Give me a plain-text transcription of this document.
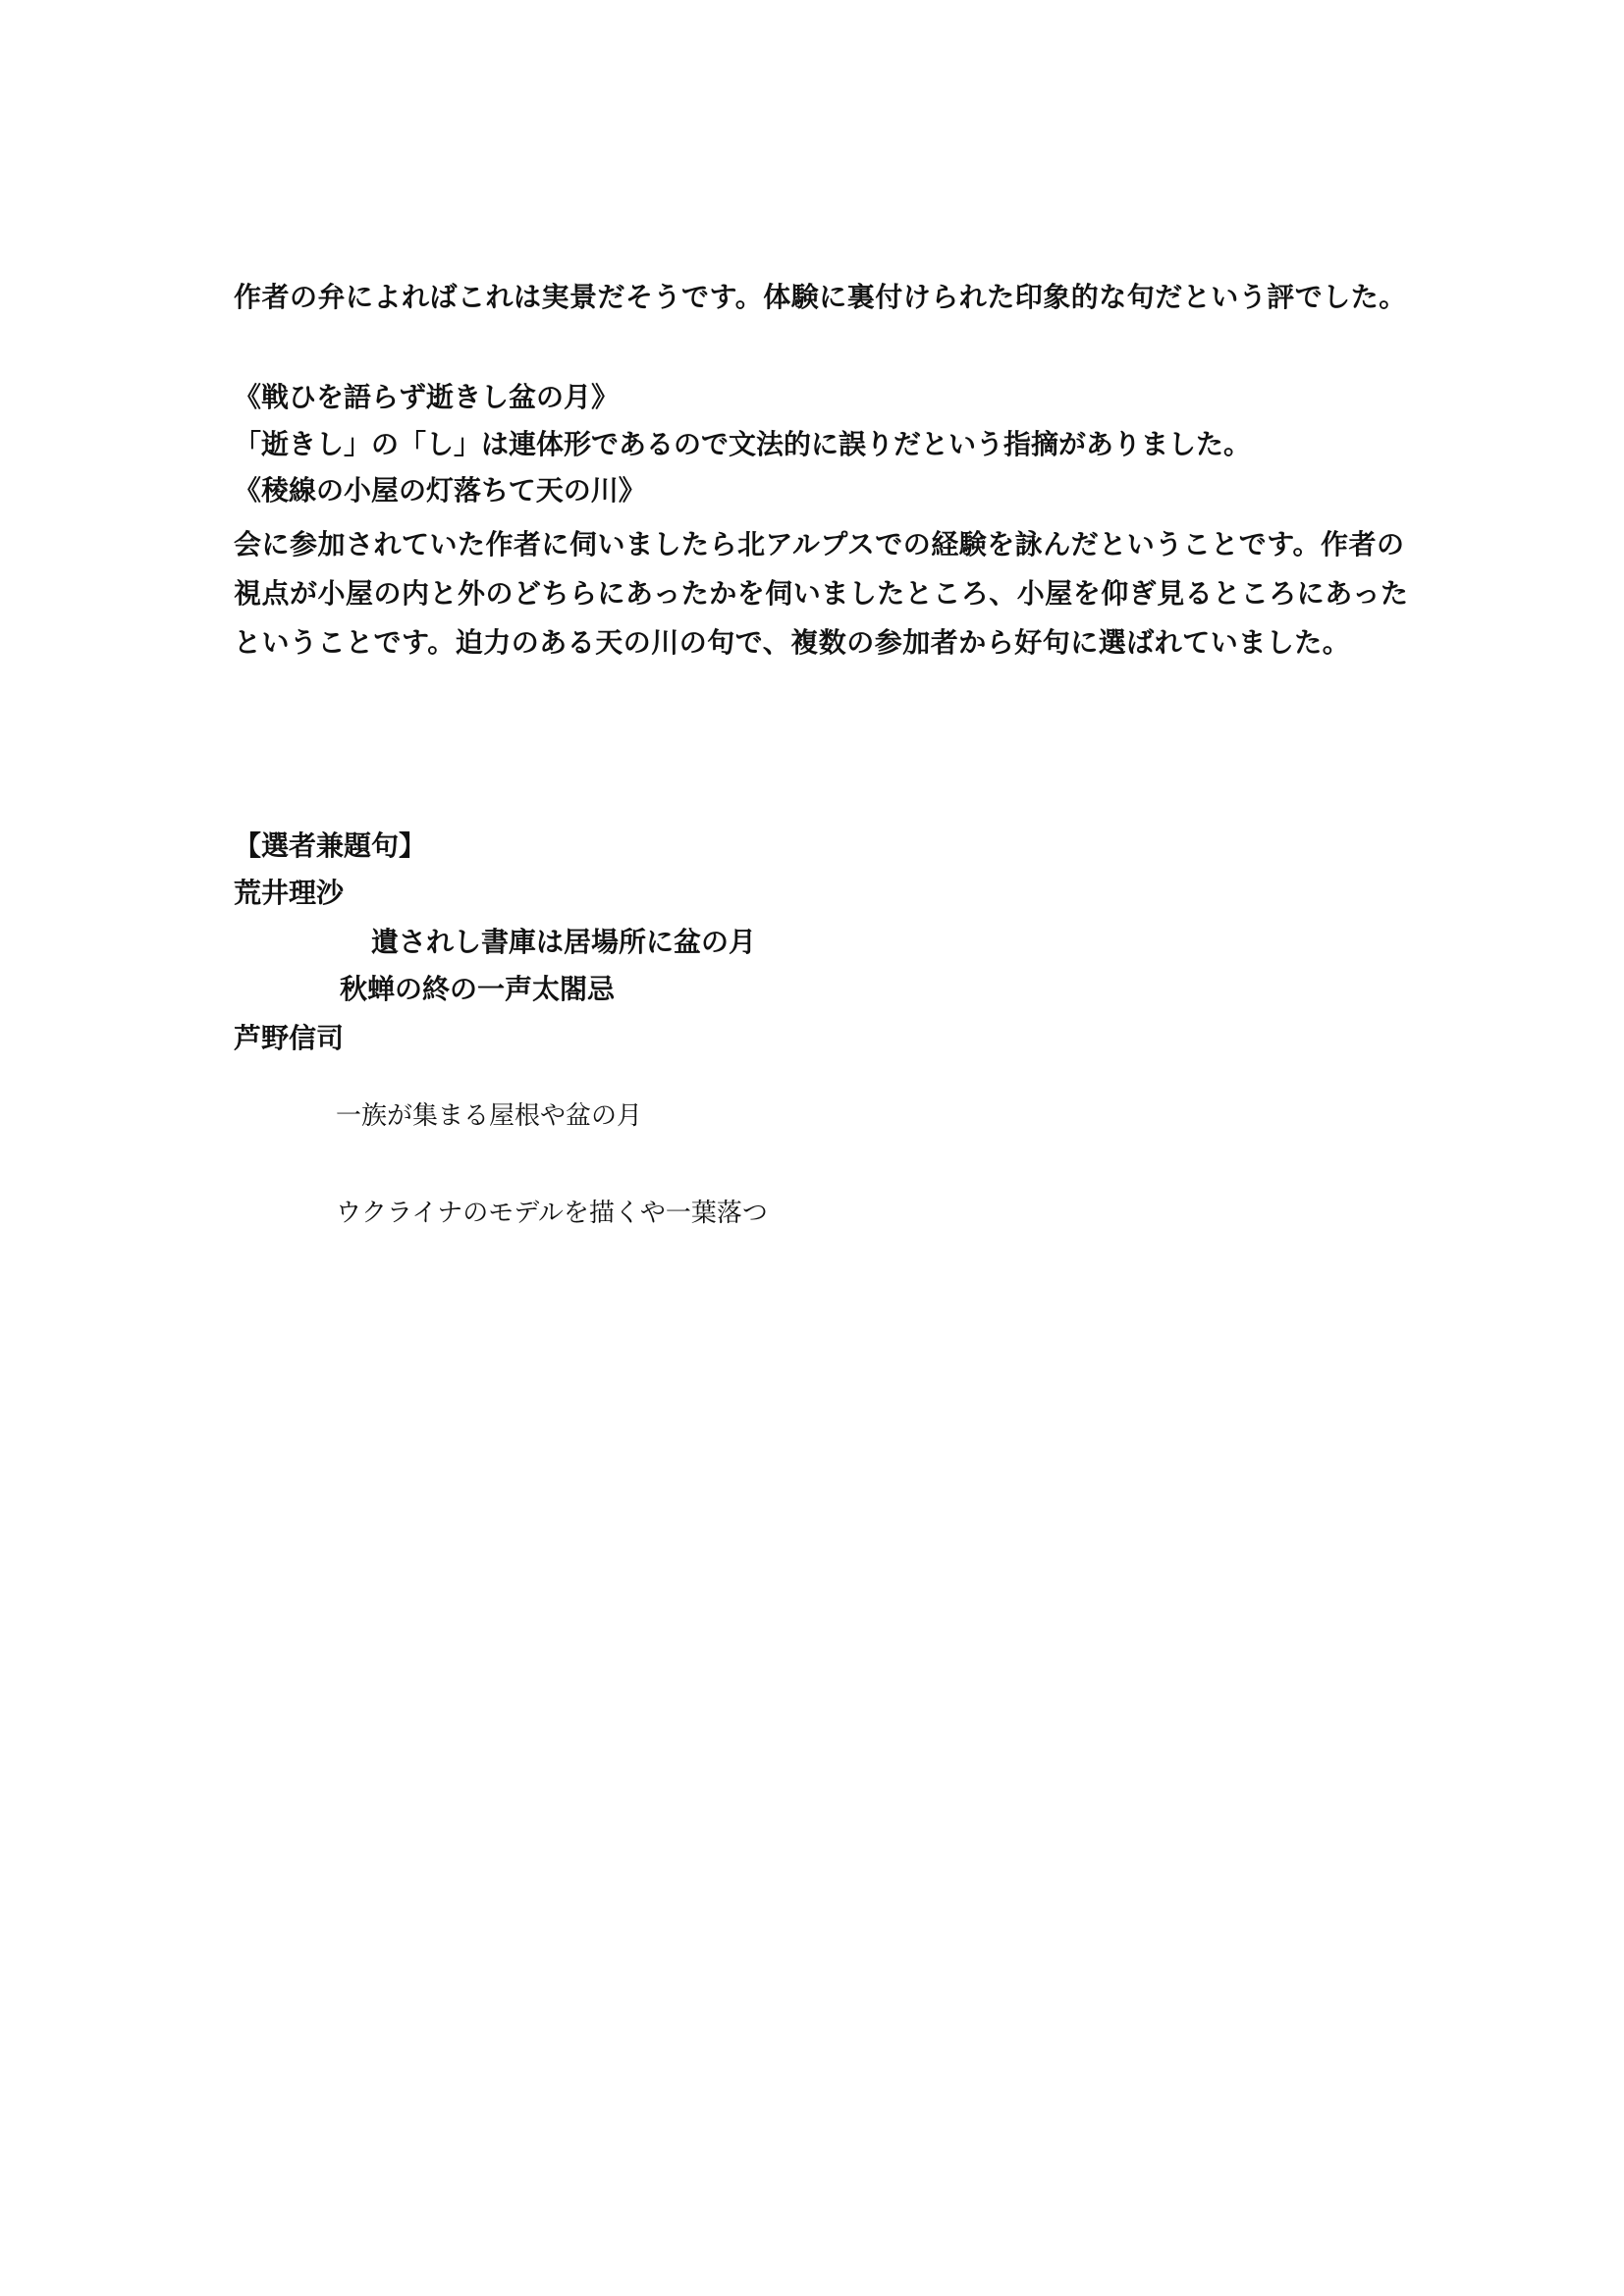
作者の弁によればこれは実景だそうです。体験に裏付けられた印象的な句だという評でした。

《戦ひを語らず逝きし盆の月》

「逝きし」の「し」は連体形であるので文法的に誤りだという指摘がありました。

《稜線の小屋の灯落ちて天の川》

会に参加されていた作者に伺いましたら北アルプスでの経験を詠んだということです。作者の視点が小屋の内と外のどちらにあったかを伺いましたところ、小屋を仰ぎ見るところにあったということです。迫力のある天の川の句で、複数の参加者から好句に選ばれていました。

【選者兼題句】

荒井理沙

遺されし書庫は居場所に盆の月

秋蝉の終の一声太閤忌

芦野信司

一族が集まる屋根や盆の月

ウクライナのモデルを描くや一葉落つ
